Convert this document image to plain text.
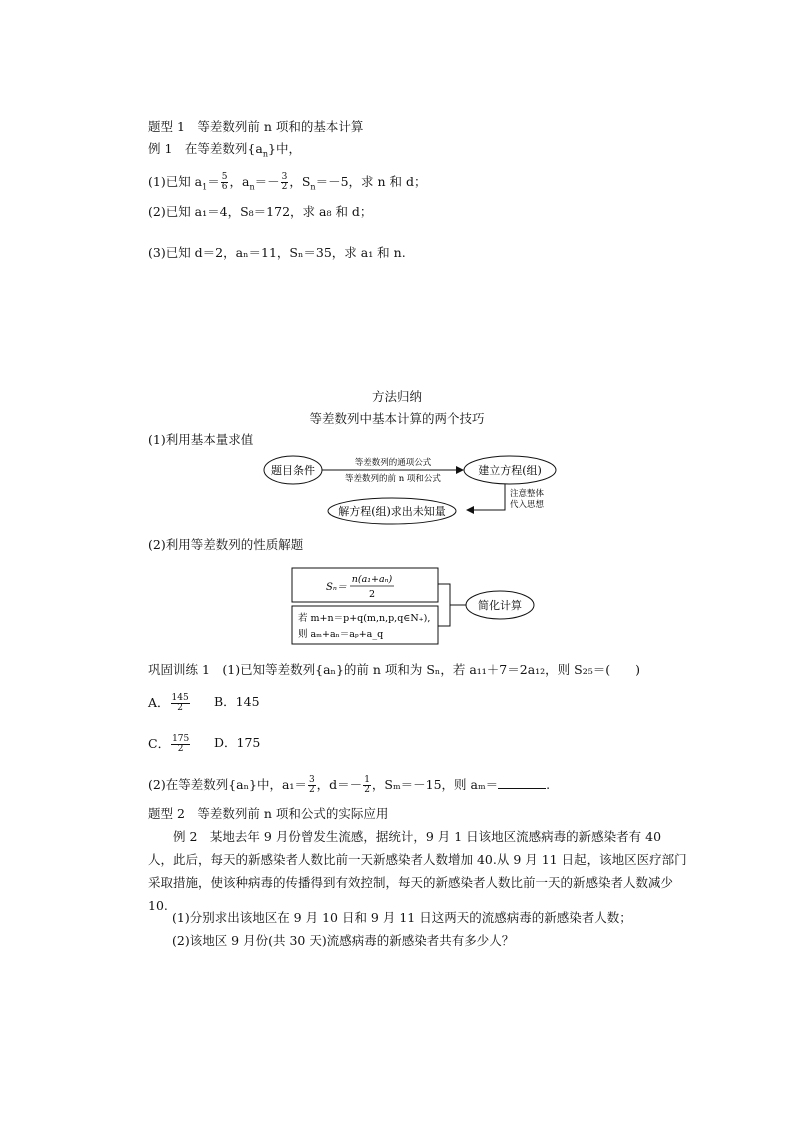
题型 1　等差数列前 n 项和的基本计算
例 1　在等差数列$\{a_n\}$中，
(1)已知 $a_1= \frac{5}{6}$ ，$a_n=- \frac{3}{2}$ ，$S_n=-5$，求 n 和 d；
(2)已知 a₁＝4，S₈＝172，求 a₈ 和 d；
(3)已知 d＝2，aₙ＝11，Sₙ＝35，求 a₁ 和 n.
方法归纳
等差数列中基本计算的两个技巧
(1)利用基本量求值
题目条件
等差数列的通项公式
等差数列的前 n 项和公式
建立方程(组)
注意整体
代入思想
解方程(组)求出未知量
(2)利用等差数列的性质解题
Sₙ＝
n(a₁+aₙ)
2
若 m+n＝p+q(m,n,p,q∈N₊),
则 aₘ+aₙ＝aₚ+a_q
简化计算
巩固训练 1　(1)已知等差数列{aₙ}的前 n 项和为 Sₙ，若 a₁₁＋7＝2a₁₂，则 S₂₅＝(　　)
A． $\frac{145}{2}$ B．145
C． $\frac{175}{2}$ D．175
(2)在等差数列{aₙ}中，$a_1= \frac{3}{2}$ ，$d=- \frac{1}{2}$ ，Sₘ＝－15，则 aₘ＝	.
题型 2　等差数列前 n 项和公式的实际应用
例 2　某地去年 9 月份曾发生流感，据统计，9 月 1 日该地区流感病毒的新感染者有 40 人，此后，每天的新感染者人数比前一天新感染者人数增加 40.从 9 月 11 日起，该地区医疗部门采取措施，使该种病毒的传播得到有效控制，每天的新感染者人数比前一天的新感染者人数减少 10.
(1)分别求出该地区在 9 月 10 日和 9 月 11 日这两天的流感病毒的新感染者人数；
(2)该地区 9 月份(共 30 天)流感病毒的新感染者共有多少人？
